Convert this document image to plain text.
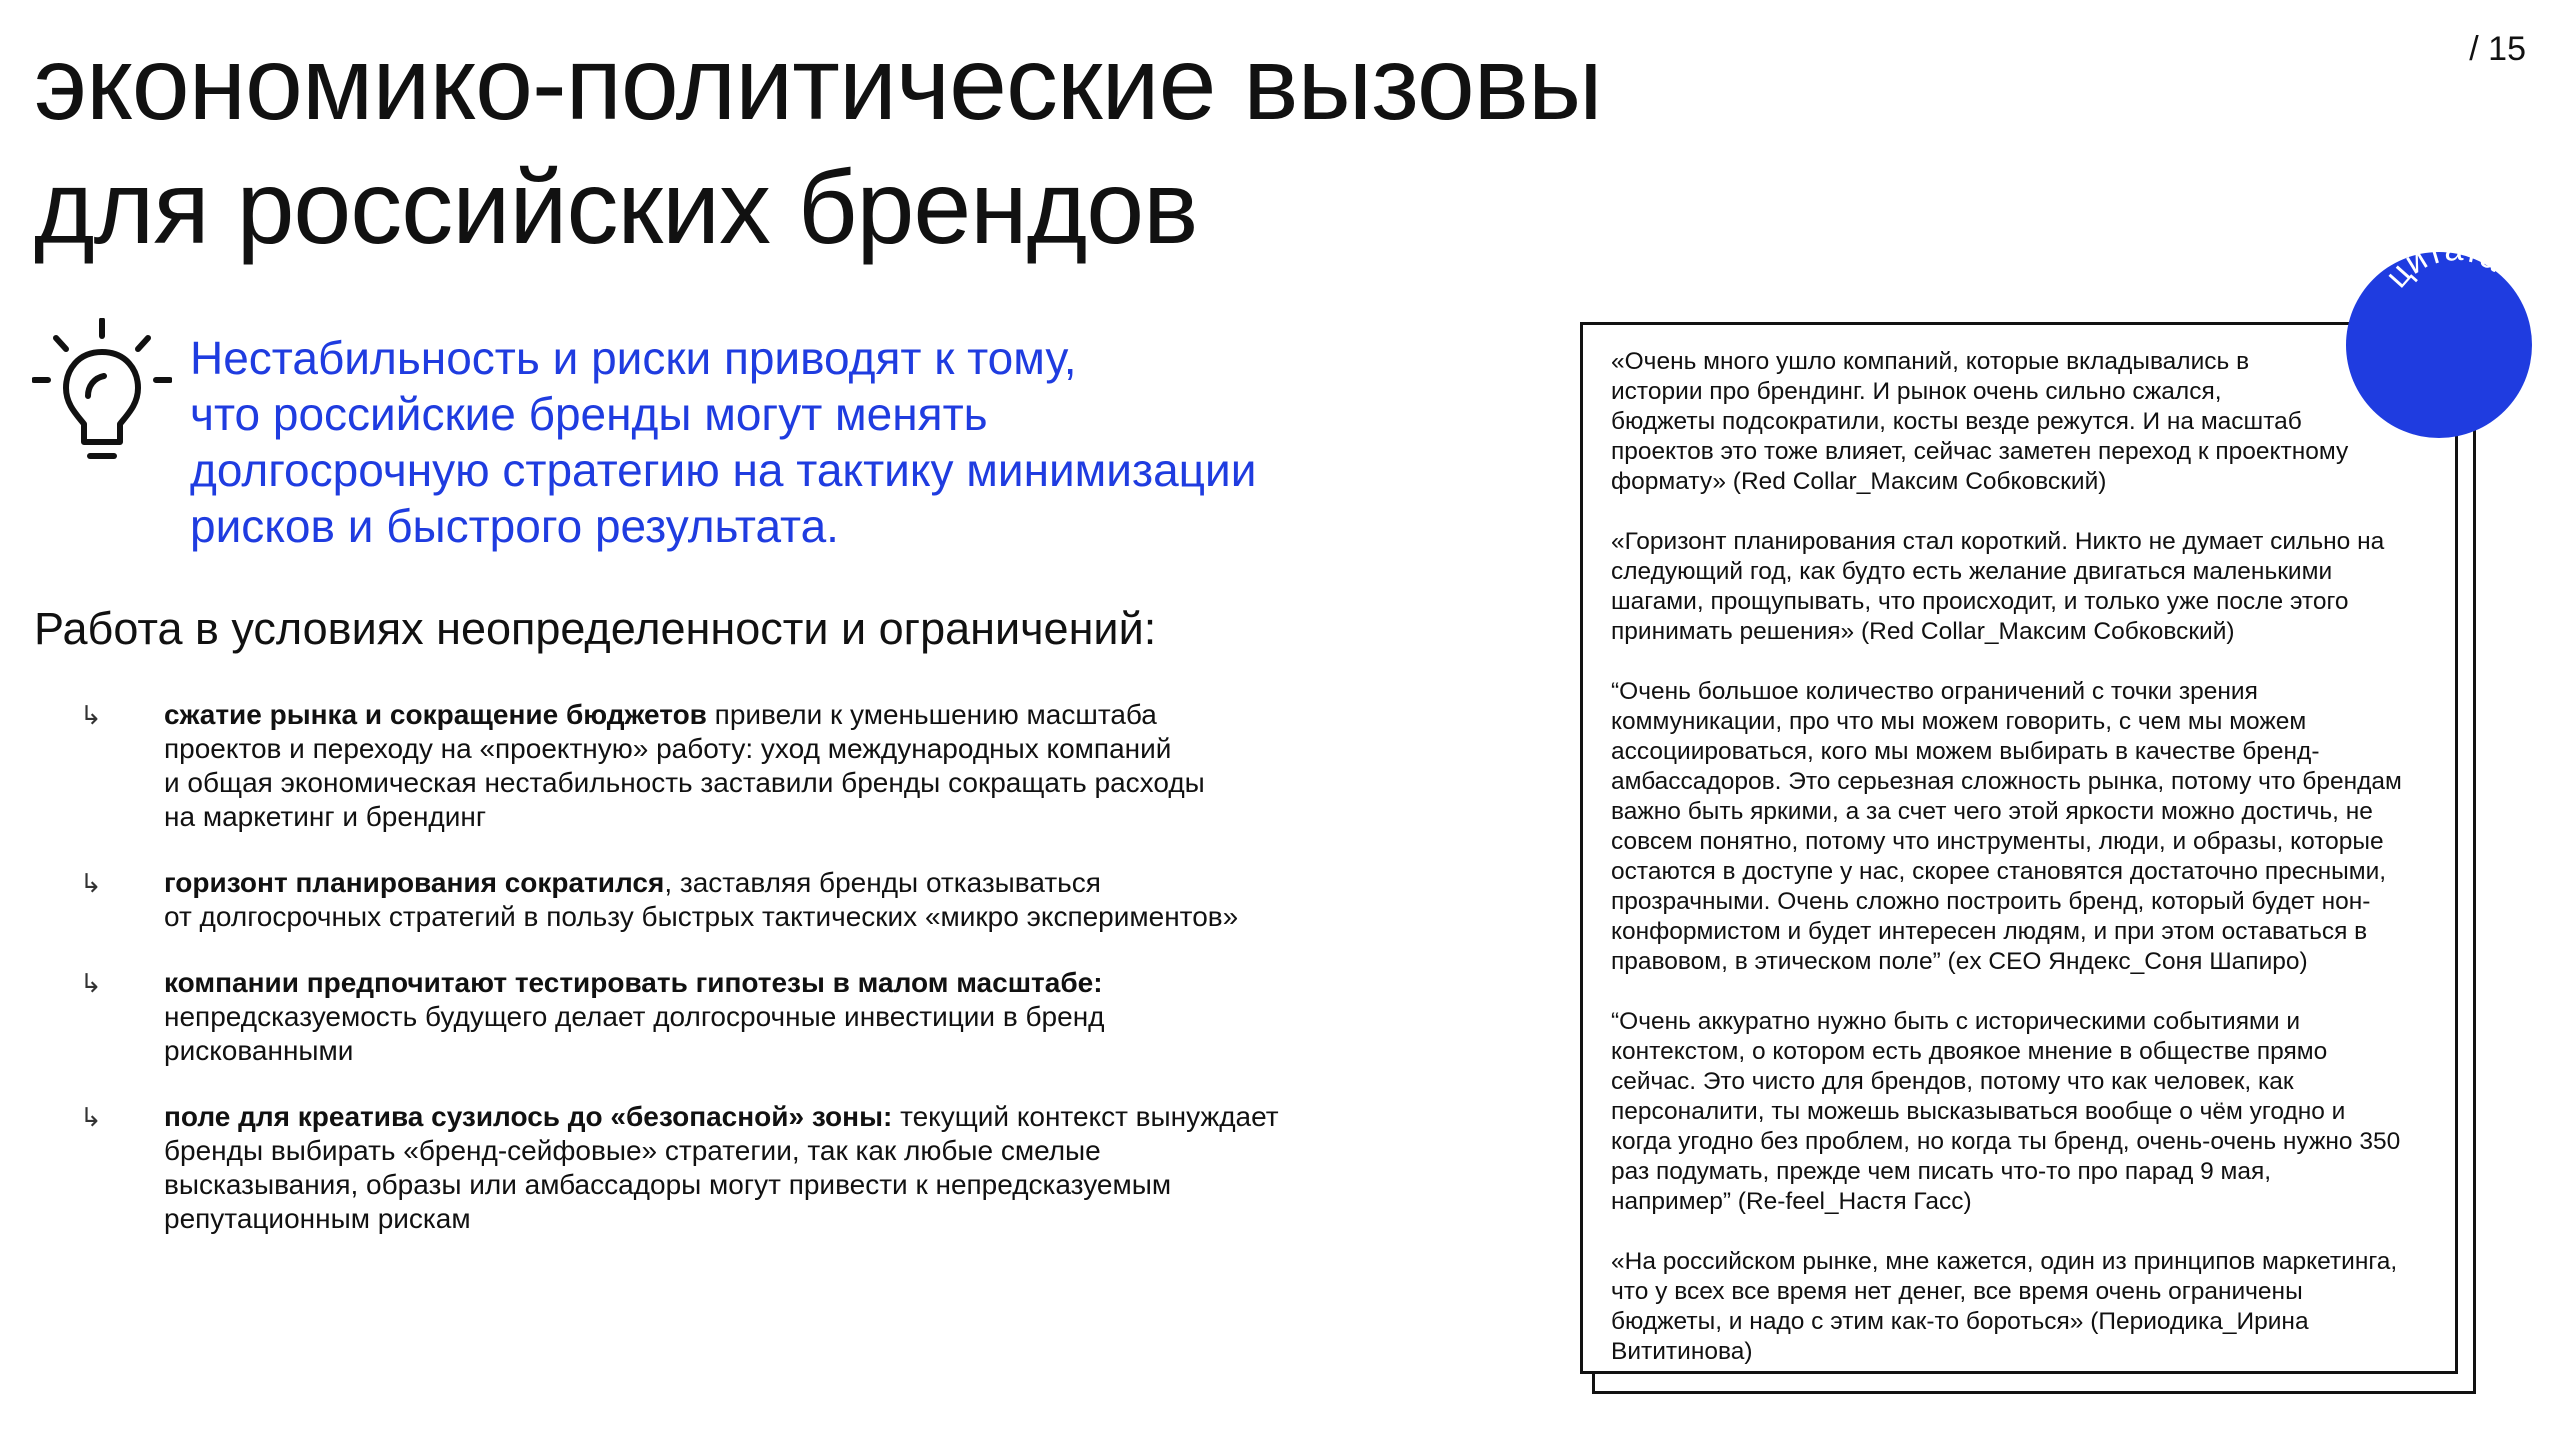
экономико-политические вызовы
для российских брендов
/ 15
Нестабильность и риски приводят к тому,
что российские бренды могут менять
долгосрочную стратегию на тактику минимизации
рисков и быстрого результата.
Работа в условиях неопределенности и ограничений:
↳ сжатие рынка и сокращение бюджетов привели к уменьшению масштаба
проектов и переходу на «проектную» работу: уход международных компаний
и общая экономическая нестабильность заставили бренды сокращать расходы
на маркетинг и брендинг
↳ горизонт планирования сократился, заставляя бренды отказываться
от долгосрочных стратегий в пользу быстрых тактических «микро экспериментов»
↳ компании предпочитают тестировать гипотезы в малом масштабе:
непредсказуемость будущего делает долгосрочные инвестиции в бренд
рискованными
↳ поле для креатива сузилось до «безопасной» зоны: текущий контекст вынуждает
бренды выбирать «бренд-сейфовые» стратегии, так как любые смелые
высказывания, образы или амбассадоры могут привести к непредсказуемым
репутационным рискам

«Очень много ушло компаний, которые вкладывались в
истории про брендинг. И рынок очень сильно сжался,
бюджеты подсократили, косты везде режутся. И на масштаб
проектов это тоже влияет, сейчас заметен переход к проектному
формату» (Red Collar_Максим Собковский)

«Горизонт планирования стал короткий. Никто не думает сильно на
следующий год, как будто есть желание двигаться маленькими
шагами, прощупывать, что происходит, и только уже после этого
принимать решения» (Red Collar_Максим Собковский)

“Очень большое количество ограничений с точки зрения
коммуникации, про что мы можем говорить, с чем мы можем
ассоциироваться, кого мы можем выбирать в качестве бренд-
амбассадоров. Это серьезная сложность рынка, потому что брендам
важно быть яркими, а за счет чего этой яркости можно достичь, не
совсем понятно, потому что инструменты, люди, и образы, которые
остаются в доступе у нас, скорее становятся достаточно пресными,
прозрачными. Очень сложно построить бренд, который будет нон-
конформистом и будет интересен людям, и при этом оставаться в
правовом, в этическом поле” (ex CEO Яндекс_Соня Шапиро)

“Очень аккуратно нужно быть с историческими событиями и
контекстом, о котором есть двоякое мнение в обществе прямо
сейчас. Это чисто для брендов, потому что как человек, как
персоналити, ты можешь высказываться вообще о чём угодно и
когда угодно без проблем, но когда ты бренд, очень-очень нужно 350
раз подумать, прежде чем писать что-то про парад 9 мая,
например” (Re-feel_Настя Гасс)

«На российском рынке, мне кажется, один из принципов маркетинга,
что у всех все время нет денег, все время очень ограничены
бюджеты, и надо с этим как-то бороться» (Периодика_Ирина
Вититинова)

цит а
